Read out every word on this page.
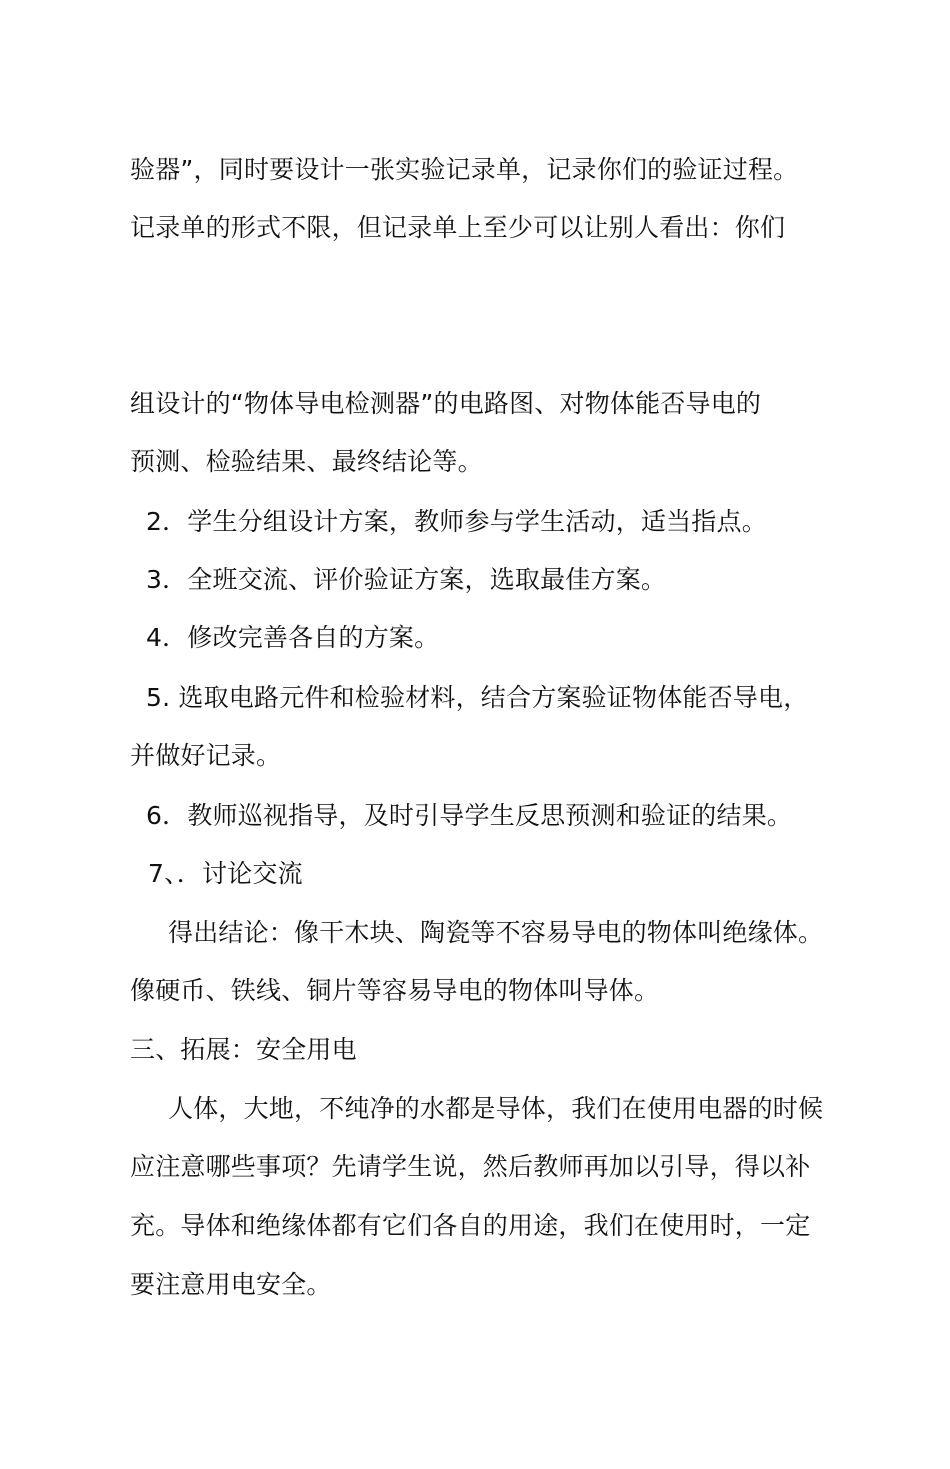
验器”，同时要设计一张实验记录单，记录你们的验证过程。
记录单的形式不限，但记录单上至少可以让别人看出：你们
组设计的“物体导电检测器”的电路图、对物体能否导电的
预测、检验结果、最终结论等。
2．学生分组设计方案，教师参与学生活动，适当指点。
3．全班交流、评价验证方案，选取最佳方案。
4．修改完善各自的方案。
5. 选取电路元件和检验材料，结合方案验证物体能否导电，
并做好记录。
6．教师巡视指导，及时引导学生反思预测和验证的结果。
7、．讨论交流
得出结论：像干木块、陶瓷等不容易导电的物体叫绝缘体。
像硬币、铁线、铜片等容易导电的物体叫导体。
三、拓展：安全用电
人体，大地，不纯净的水都是导体，我们在使用电器的时候
应注意哪些事项？先请学生说，然后教师再加以引导，得以补
充。导体和绝缘体都有它们各自的用途，我们在使用时，一定
要注意用电安全。
